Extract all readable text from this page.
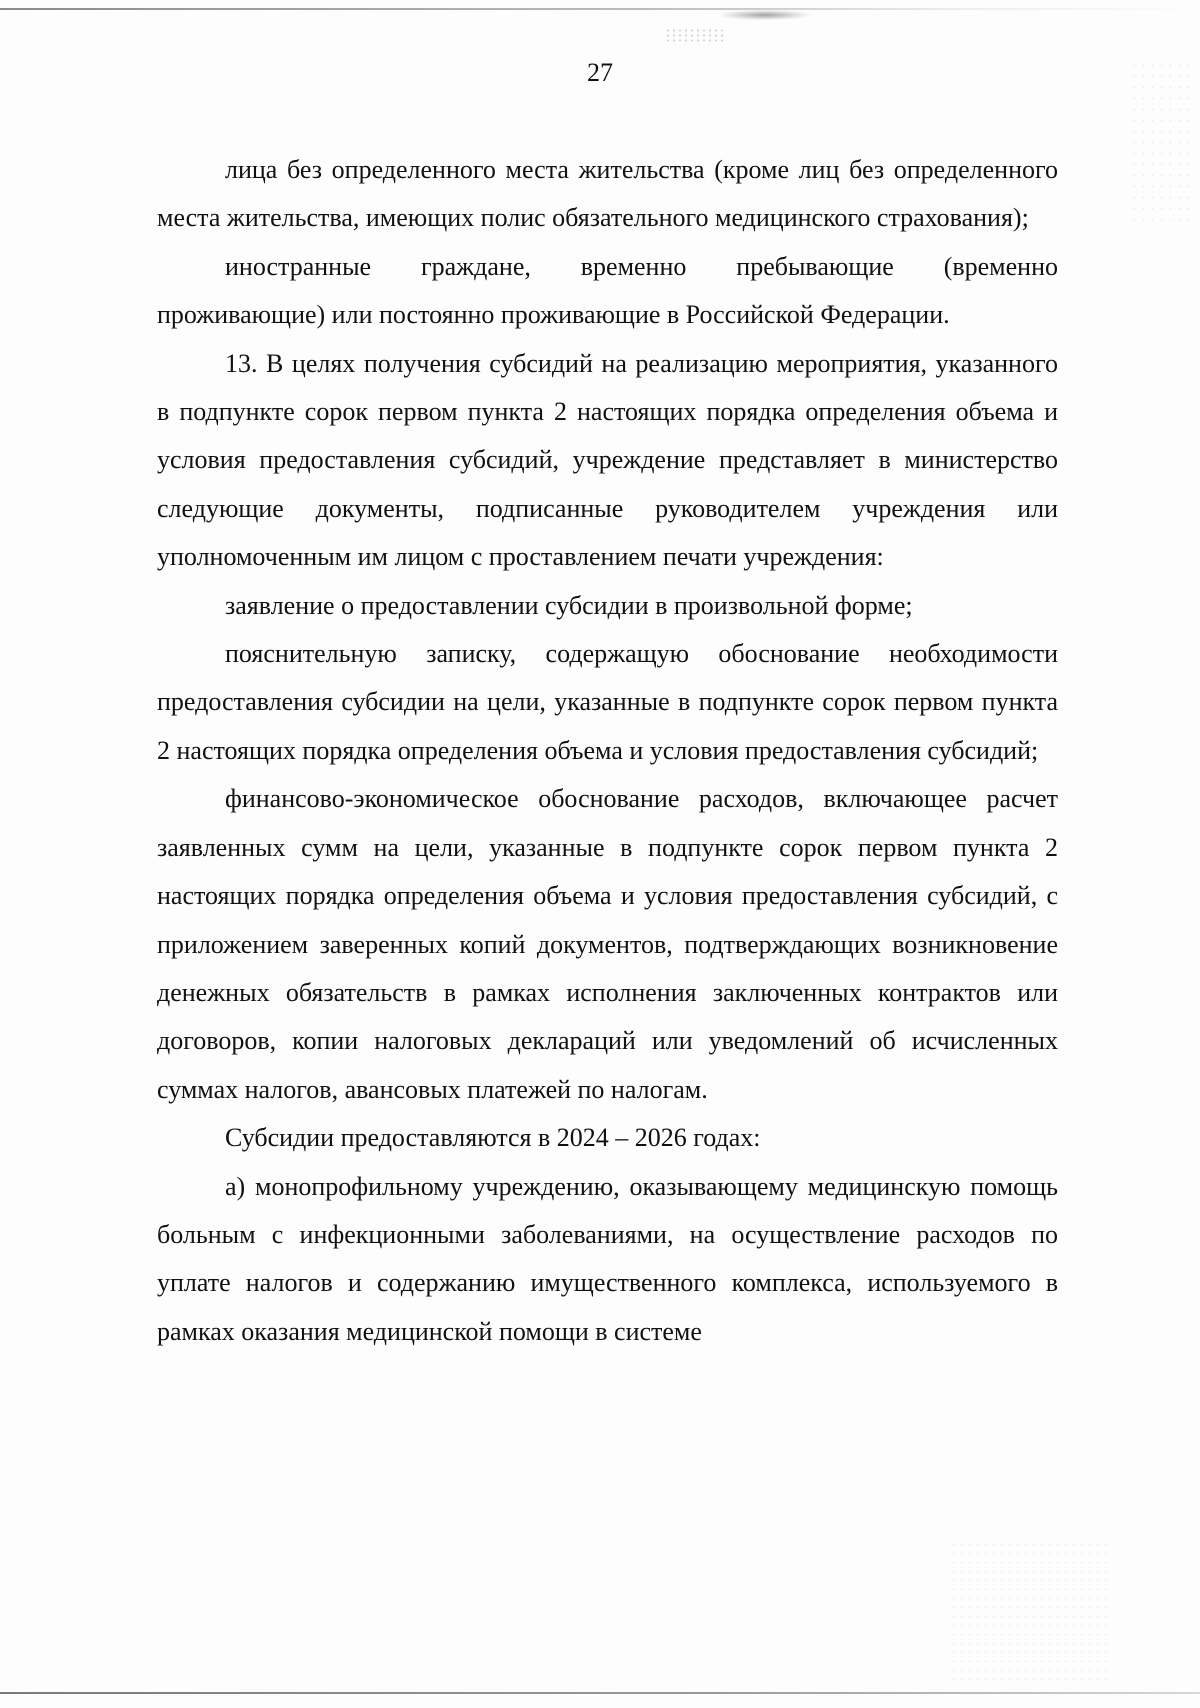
27

лица без определенного места жительства (кроме лиц без определенного места жительства, имеющих полис обязательного медицинского страхования);

иностранные граждане, временно пребывающие (временно проживающие) или постоянно проживающие в Российской Федерации.

13. В целях получения субсидий на реализацию мероприятия, указанного в подпункте сорок первом пункта 2 настоящих порядка определения объема и условия предоставления субсидий, учреждение представляет в министерство следующие документы, подписанные руководителем учреждения или уполномоченным им лицом с проставлением печати учреждения:

заявление о предоставлении субсидии в произвольной форме;

пояснительную записку, содержащую обоснование необходимости предоставления субсидии на цели, указанные в подпункте сорок первом пункта 2 настоящих порядка определения объема и условия предоставления субсидий;

финансово-экономическое обоснование расходов, включающее расчет заявленных сумм на цели, указанные в подпункте сорок первом пункта 2 настоящих порядка определения объема и условия предоставления субсидий, с приложением заверенных копий документов, подтверждающих возникновение денежных обязательств в рамках исполнения заключенных контрактов или договоров, копии налоговых деклараций или уведомлений об исчисленных суммах налогов, авансовых платежей по налогам.

Субсидии предоставляются в 2024 – 2026 годах:

а) монопрофильному учреждению, оказывающему медицинскую помощь больным с инфекционными заболеваниями, на осуществление расходов по уплате налогов и содержанию имущественного комплекса, используемого в рамках оказания медицинской помощи в системе
